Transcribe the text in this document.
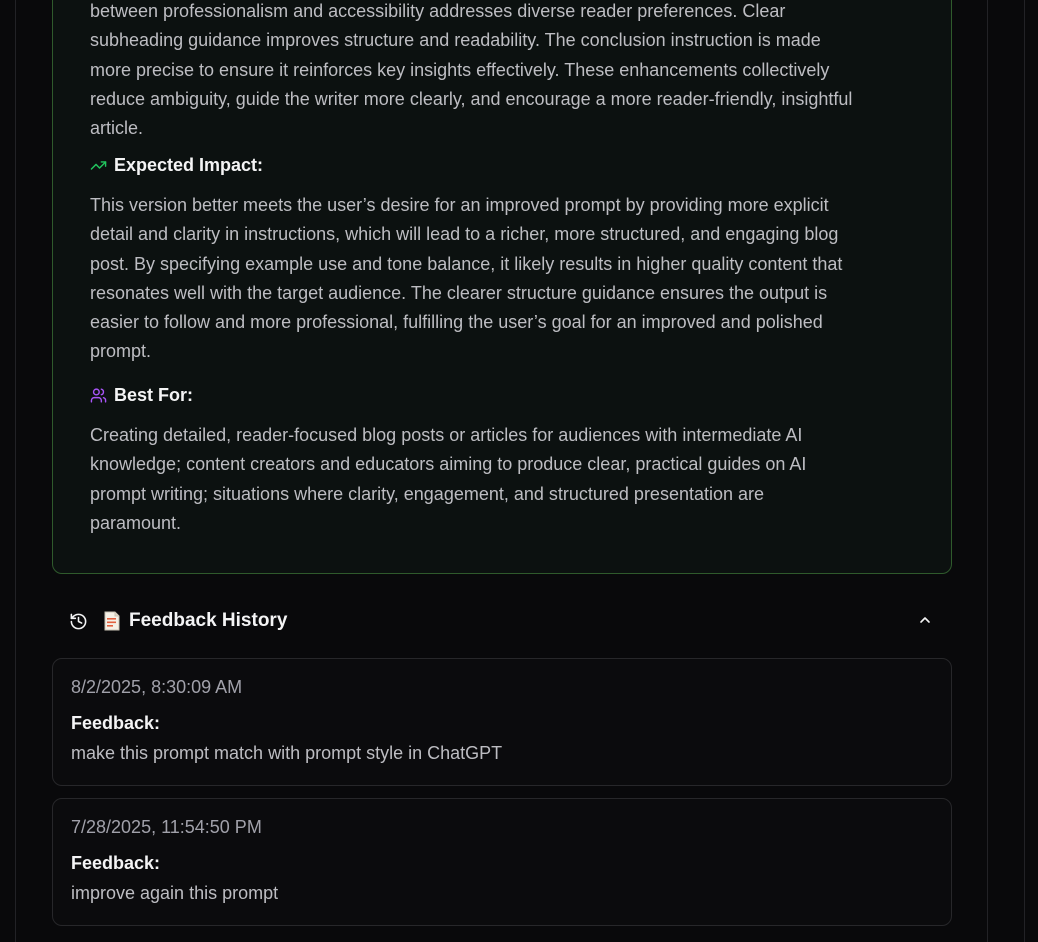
between professionalism and accessibility addresses diverse reader preferences. Clear
subheading guidance improves structure and readability. The conclusion instruction is made
more precise to ensure it reinforces key insights effectively. These enhancements collectively
reduce ambiguity, guide the writer more clearly, and encourage a more reader-friendly, insightful
article.

Expected Impact:

This version better meets the user’s desire for an improved prompt by providing more explicit
detail and clarity in instructions, which will lead to a richer, more structured, and engaging blog
post. By specifying example use and tone balance, it likely results in higher quality content that
resonates well with the target audience. The clearer structure guidance ensures the output is
easier to follow and more professional, fulfilling the user’s goal for an improved and polished
prompt.

Best For:

Creating detailed, reader-focused blog posts or articles for audiences with intermediate AI
knowledge; content creators and educators aiming to produce clear, practical guides on AI
prompt writing; situations where clarity, engagement, and structured presentation are
paramount.

Feedback History
8/2/2025, 8:30:09 AM
Feedback:
make this prompt match with prompt style in ChatGPT
7/28/2025, 11:54:50 PM
Feedback:
improve again this prompt
